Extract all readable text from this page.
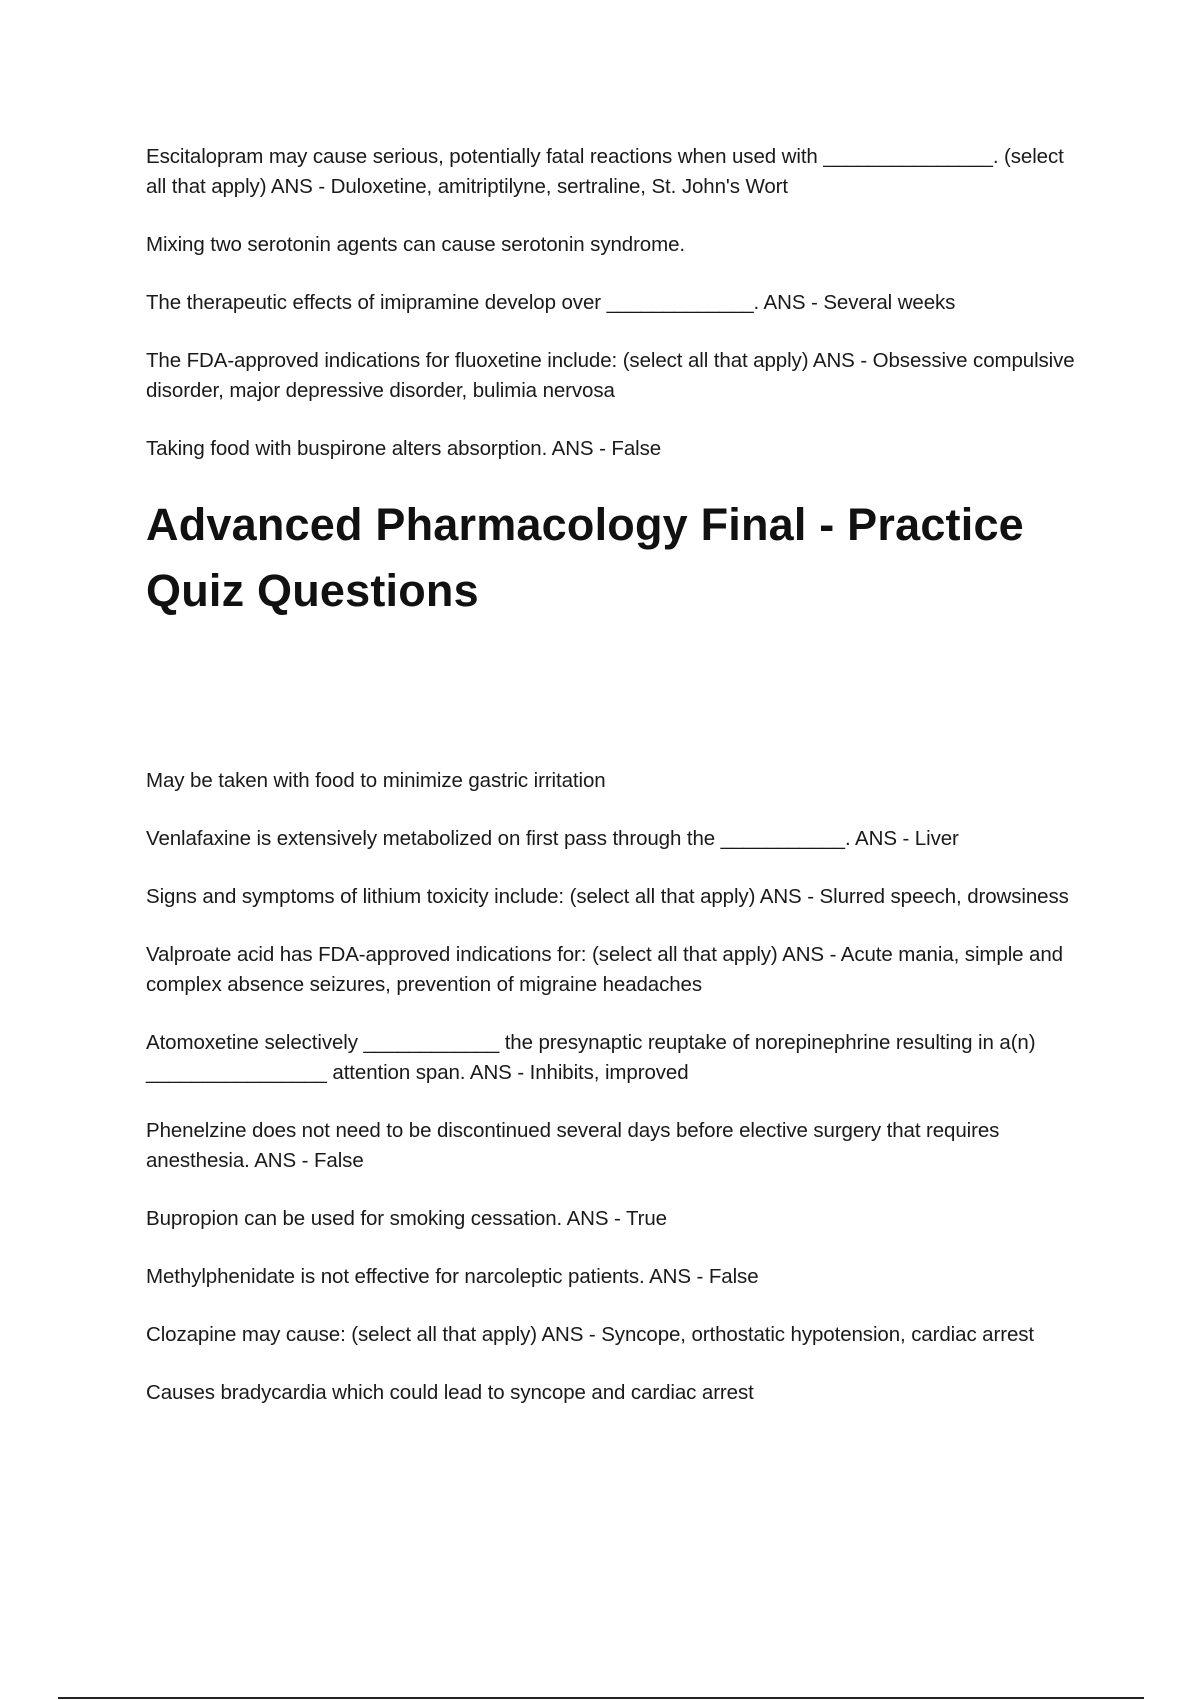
Escitalopram may cause serious, potentially fatal reactions when used with _______________. (select all that apply) ANS - Duloxetine, amitriptilyne, sertraline, St. John's Wort

Mixing two serotonin agents can cause serotonin syndrome.

The therapeutic effects of imipramine develop over _____________. ANS - Several weeks

The FDA-approved indications for fluoxetine include: (select all that apply) ANS - Obsessive compulsive disorder, major depressive disorder, bulimia nervosa

Taking food with buspirone alters absorption. ANS - False

Advanced Pharmacology Final - Practice Quiz Questions

May be taken with food to minimize gastric irritation

Venlafaxine is extensively metabolized on first pass through the ___________. ANS - Liver

Signs and symptoms of lithium toxicity include: (select all that apply) ANS - Slurred speech, drowsiness

Valproate acid has FDA-approved indications for: (select all that apply) ANS - Acute mania, simple and complex absence seizures, prevention of migraine headaches

Atomoxetine selectively ____________ the presynaptic reuptake of norepinephrine resulting in a(n) ________________ attention span. ANS - Inhibits, improved

Phenelzine does not need to be discontinued several days before elective surgery that requires anesthesia. ANS - False

Bupropion can be used for smoking cessation. ANS - True

Methylphenidate is not effective for narcoleptic patients. ANS - False

Clozapine may cause: (select all that apply) ANS - Syncope, orthostatic hypotension, cardiac arrest

Causes bradycardia which could lead to syncope and cardiac arrest
